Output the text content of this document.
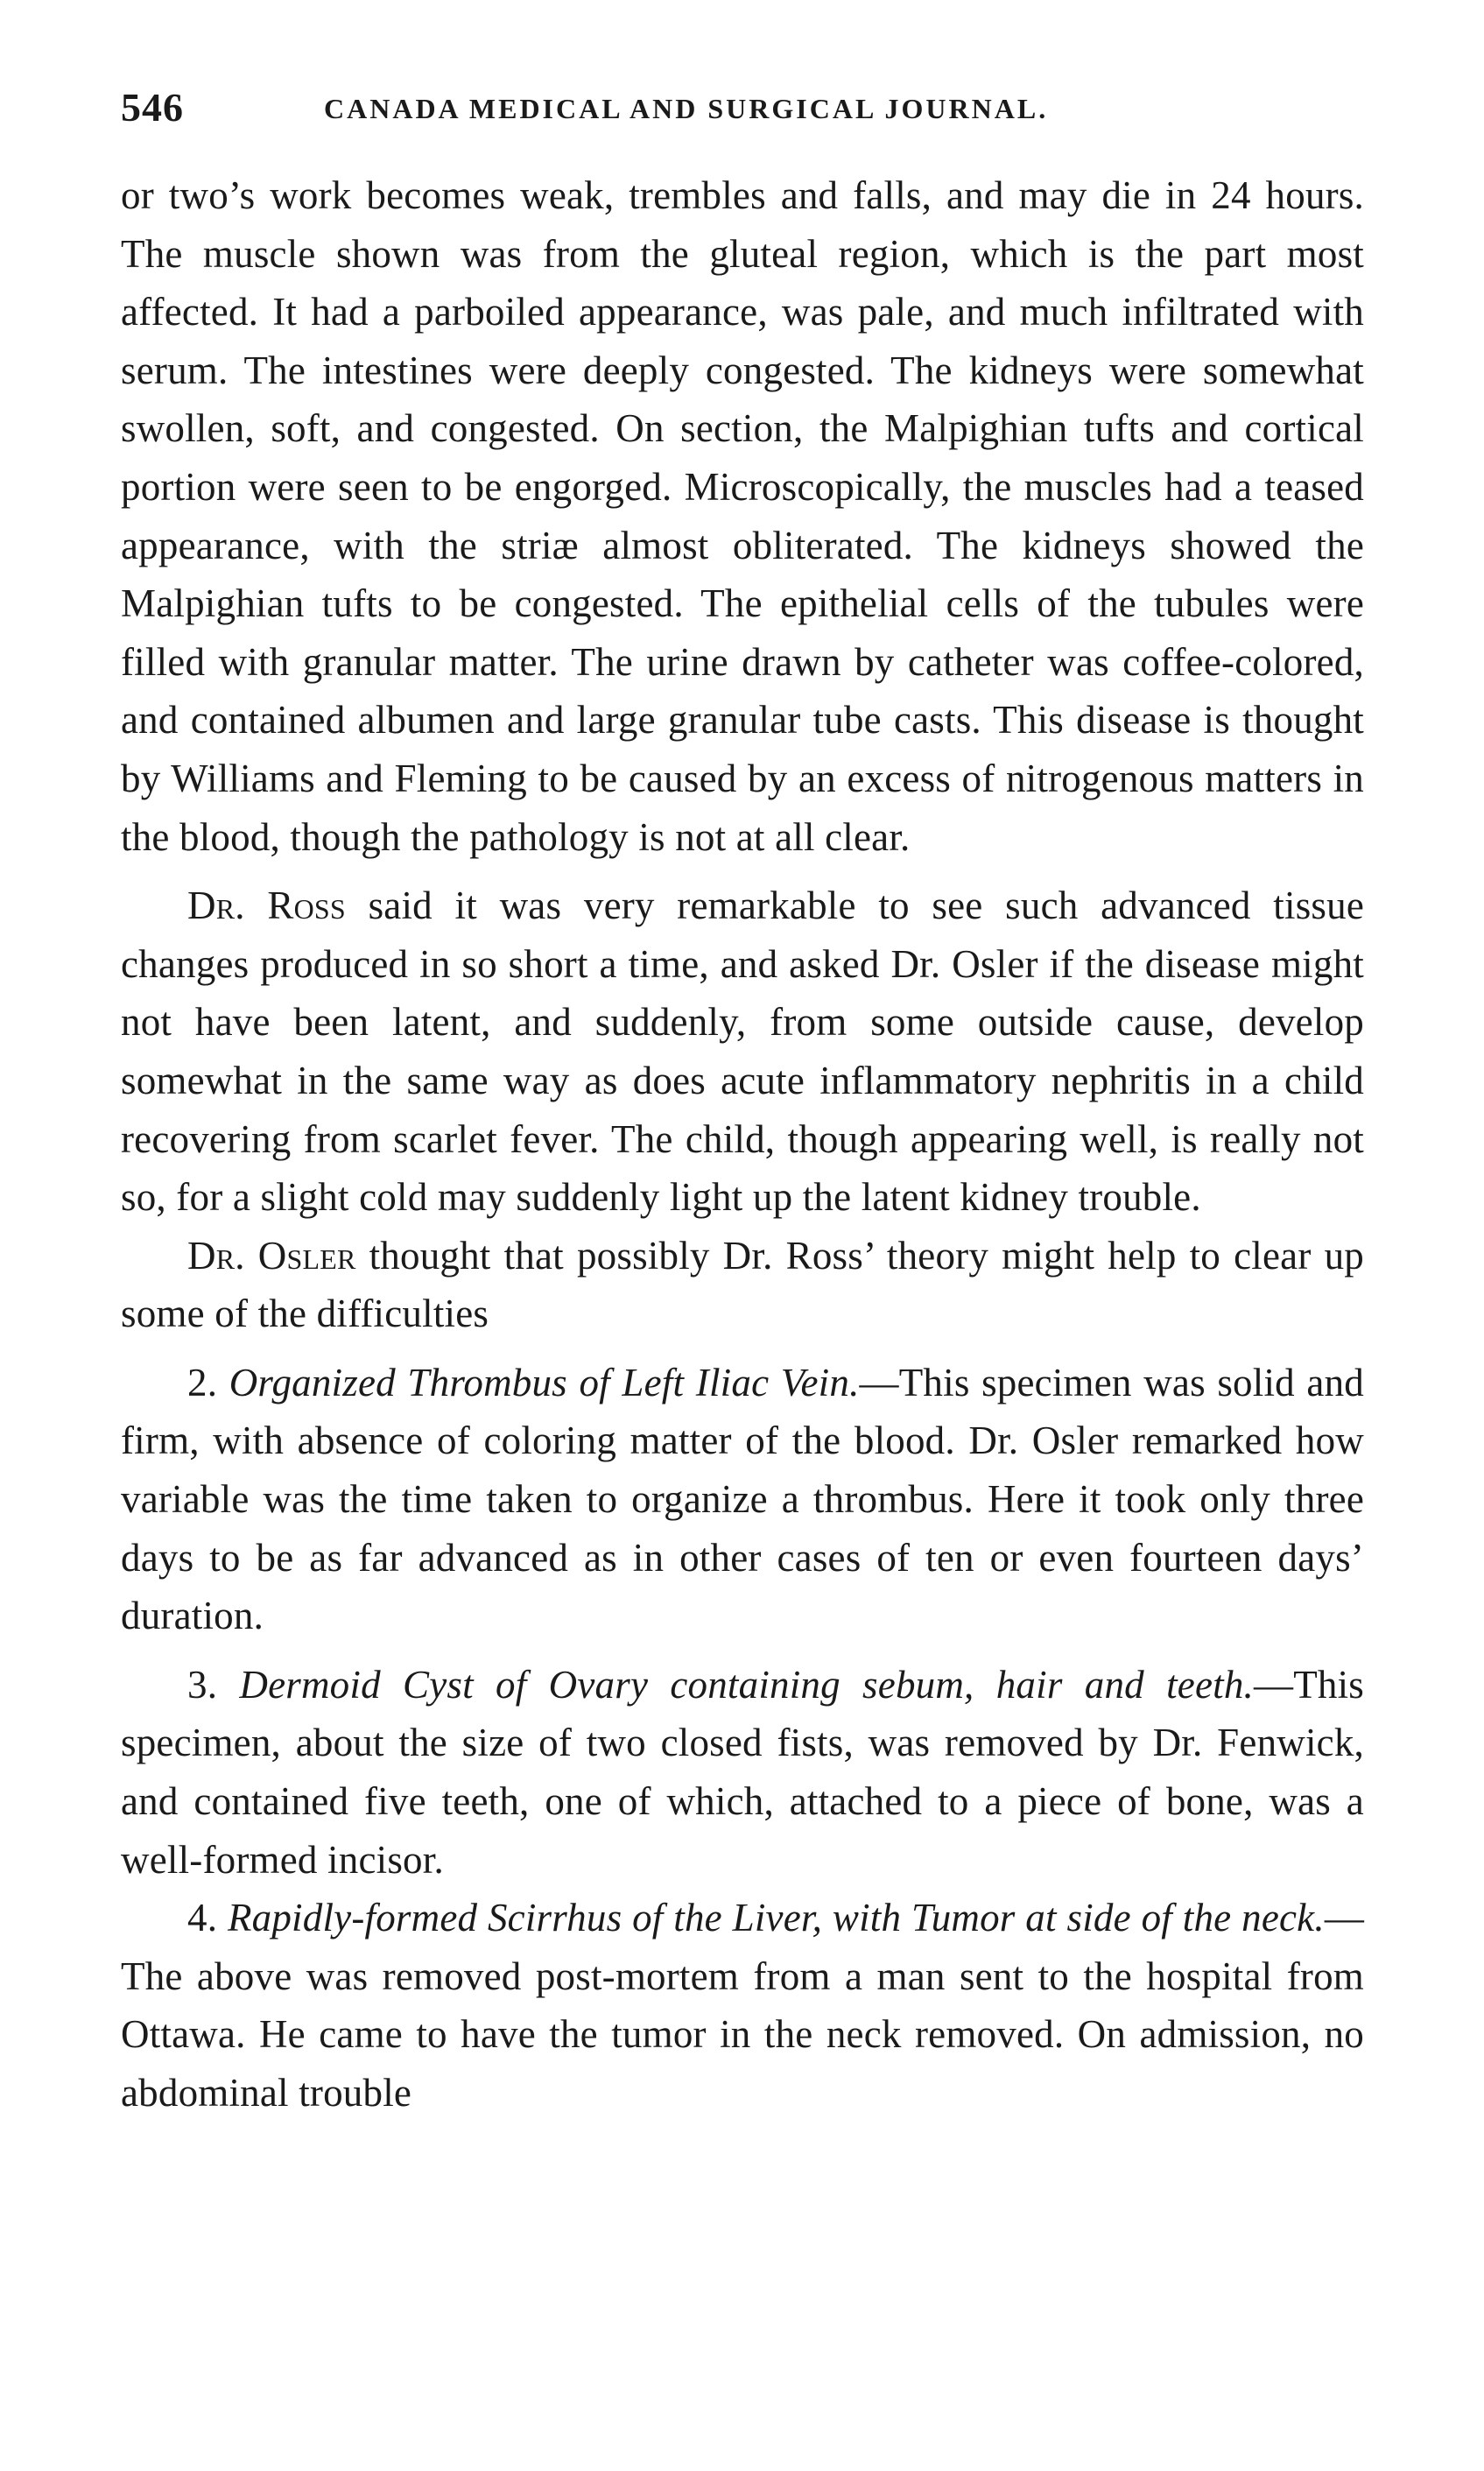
546	CANADA MEDICAL AND SURGICAL JOURNAL.

or two’s work becomes weak, trembles and falls, and may die in 24 hours. The muscle shown was from the gluteal region, which is the part most affected. It had a parboiled appearance, was pale, and much infiltrated with serum. The intestines were deeply congested. The kidneys were somewhat swollen, soft, and congested. On section, the Malpighian tufts and cortical portion were seen to be engorged. Microscopically, the muscles had a teased appearance, with the striæ almost obliterated. The kidneys showed the Malpighian tufts to be congested. The epithelial cells of the tubules were filled with granular matter. The urine drawn by catheter was coffee-colored, and contained albumen and large granular tube casts. This disease is thought by Williams and Fleming to be caused by an excess of nitrogenous matters in the blood, though the pathology is not at all clear.

Dr. Ross said it was very remarkable to see such advanced tissue changes produced in so short a time, and asked Dr. Osler if the disease might not have been latent, and suddenly, from some outside cause, develop somewhat in the same way as does acute inflammatory nephritis in a child recovering from scarlet fever. The child, though appearing well, is really not so, for a slight cold may suddenly light up the latent kidney trouble.

Dr. Osler thought that possibly Dr. Ross’ theory might help to clear up some of the difficulties

2. Organized Thrombus of Left Iliac Vein.—This specimen was solid and firm, with absence of coloring matter of the blood. Dr. Osler remarked how variable was the time taken to organize a thrombus. Here it took only three days to be as far advanced as in other cases of ten or even fourteen days’ duration.

3. Dermoid Cyst of Ovary containing sebum, hair and teeth.—This specimen, about the size of two closed fists, was removed by Dr. Fenwick, and contained five teeth, one of which, attached to a piece of bone, was a well-formed incisor.

4. Rapidly-formed Scirrhus of the Liver, with Tumor at side of the neck.—The above was removed post-mortem from a man sent to the hospital from Ottawa. He came to have the tumor in the neck removed. On admission, no abdominal trouble
